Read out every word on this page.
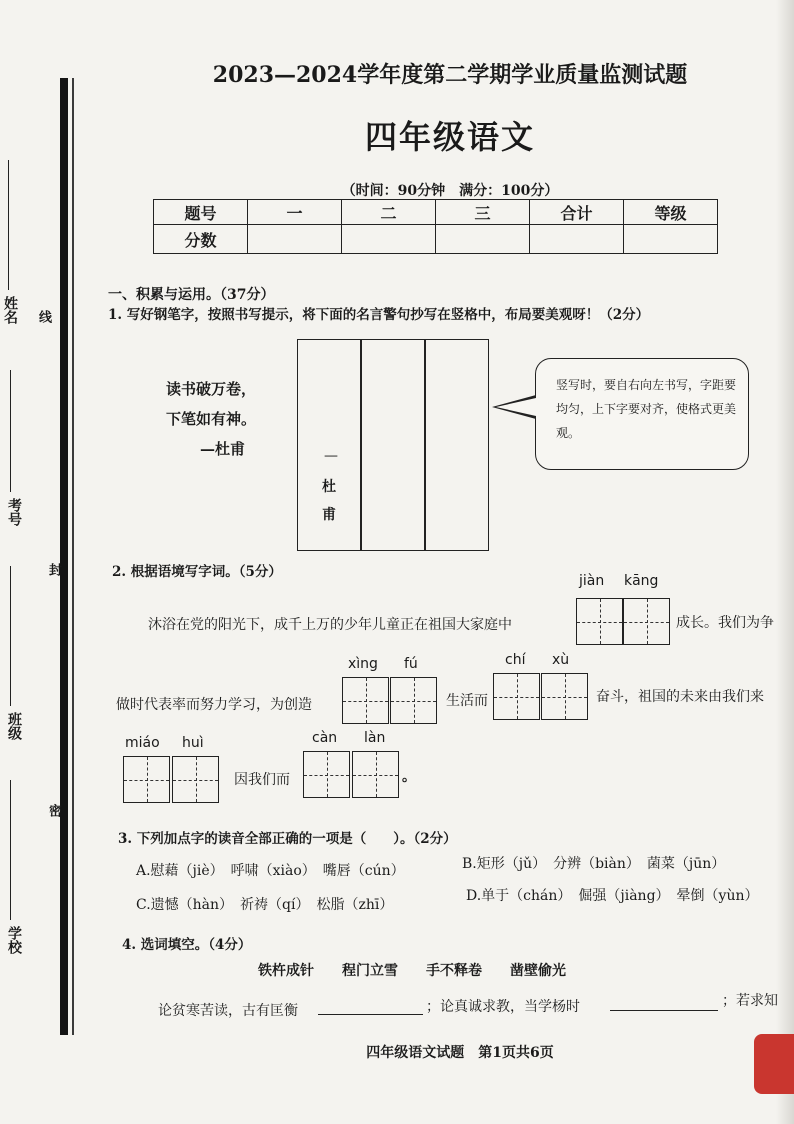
姓名 线
考号
封
班级
密
学校
2023—2024学年度第二学期学业质量监测试题
四年级语文
（时间：90分钟　满分：100分）
题号	一	二	三	合计	等级
分数					
一、积累与运用。（37分）
1. 写好钢笔字，按照书写提示，将下面的名言警句抄写在竖格中，布局要美观呀！（2分）
读书破万卷，
下笔如有神。
—杜甫	—
杜
甫
竖写时，要自右向左书写，字距要均匀，上下字要对齐，使格式更美观。
2. 根据语境写字词。（5分）
jiàn kāng
沐浴在党的阳光下，成千上万的少年儿童正在祖国大家庭中	成长。我们为争
xìng fú	chí xù
做时代表率而努力学习，为创造	生活而	奋斗，祖国的未来由我们来
miáo huì
因我们而
càn làn
。
3. 下列加点字的读音全部正确的一项是（　　）。（2分）
A.慰藉（jiè）　呼啸（xiào）　嘴唇（cún）	B.矩形（jǔ）　分辨（biàn）　菌菜（jūn）
C.遗憾（hàn）　祈祷（qí）　松脂（zhī）
D.单于（chán）　倔强（jiàng）　晕倒（yùn）
4. 选词填空。（4分）
铁杵成针　　程门立雪　　手不释卷　　凿壁偷光
论贫寒苦读，古有匡衡	；论真诚求教，当学杨时	；若求知
四年级语文试题　第1页共6页
